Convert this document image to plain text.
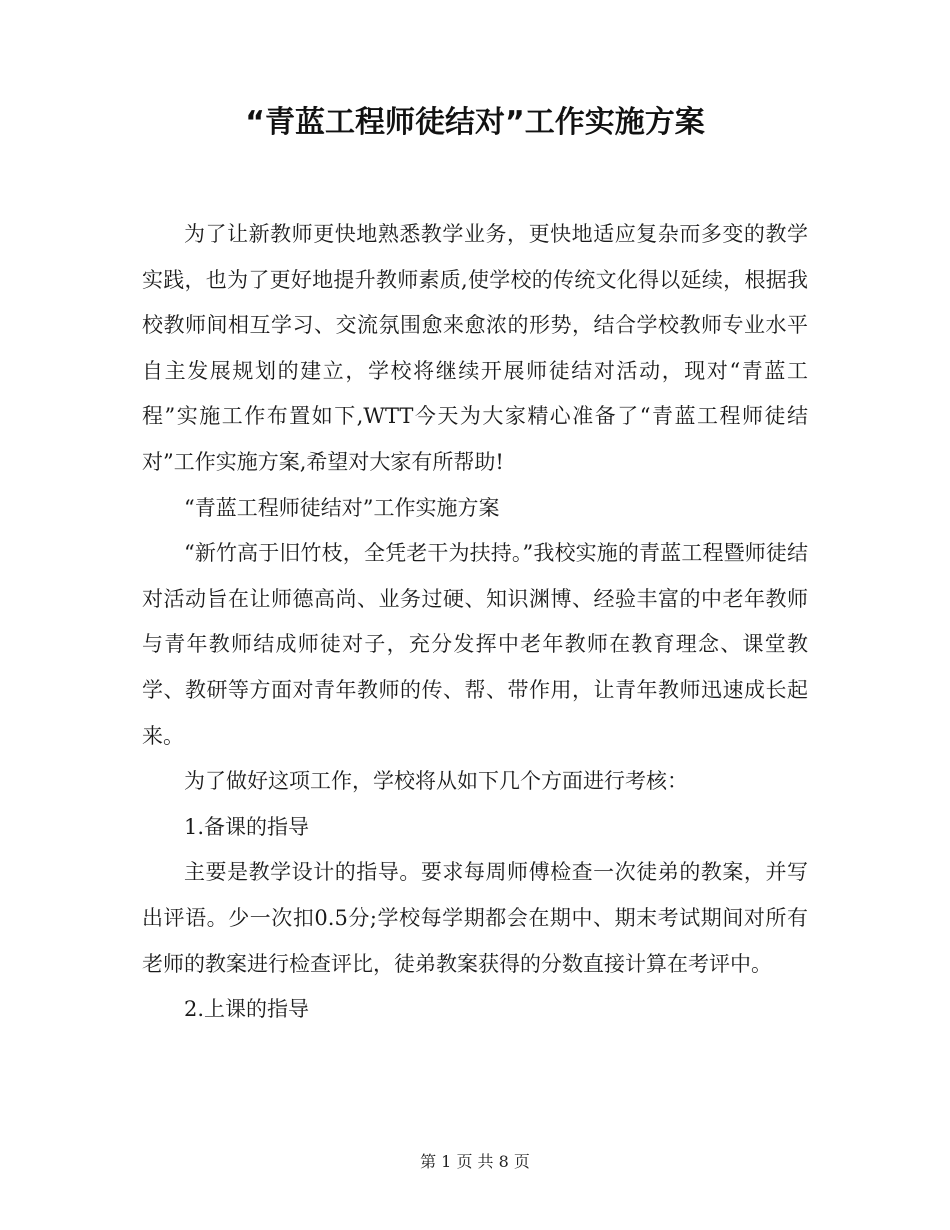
“青蓝工程师徒结对”工作实施方案

为了让新教师更快地熟悉教学业务，更快地适应复杂而多变的教学实践，也为了更好地提升教师素质,使学校的传统文化得以延续，根据我校教师间相互学习、交流氛围愈来愈浓的形势，结合学校教师专业水平自主发展规划的建立，学校将继续开展师徒结对活动，现对“青蓝工程”实施工作布置如下,WTT今天为大家精心准备了“青蓝工程师徒结对”工作实施方案,希望对大家有所帮助!

“青蓝工程师徒结对”工作实施方案

“新竹高于旧竹枝，全凭老干为扶持。”我校实施的青蓝工程暨师徒结对活动旨在让师德高尚、业务过硬、知识渊博、经验丰富的中老年教师与青年教师结成师徒对子，充分发挥中老年教师在教育理念、课堂教学、教研等方面对青年教师的传、帮、带作用，让青年教师迅速成长起来。

为了做好这项工作，学校将从如下几个方面进行考核：

1.备课的指导

主要是教学设计的指导。要求每周师傅检查一次徒弟的教案，并写出评语。少一次扣0.5分;学校每学期都会在期中、期末考试期间对所有老师的教案进行检查评比，徒弟教案获得的分数直接计算在考评中。

2.上课的指导

第 1 页 共 8 页
